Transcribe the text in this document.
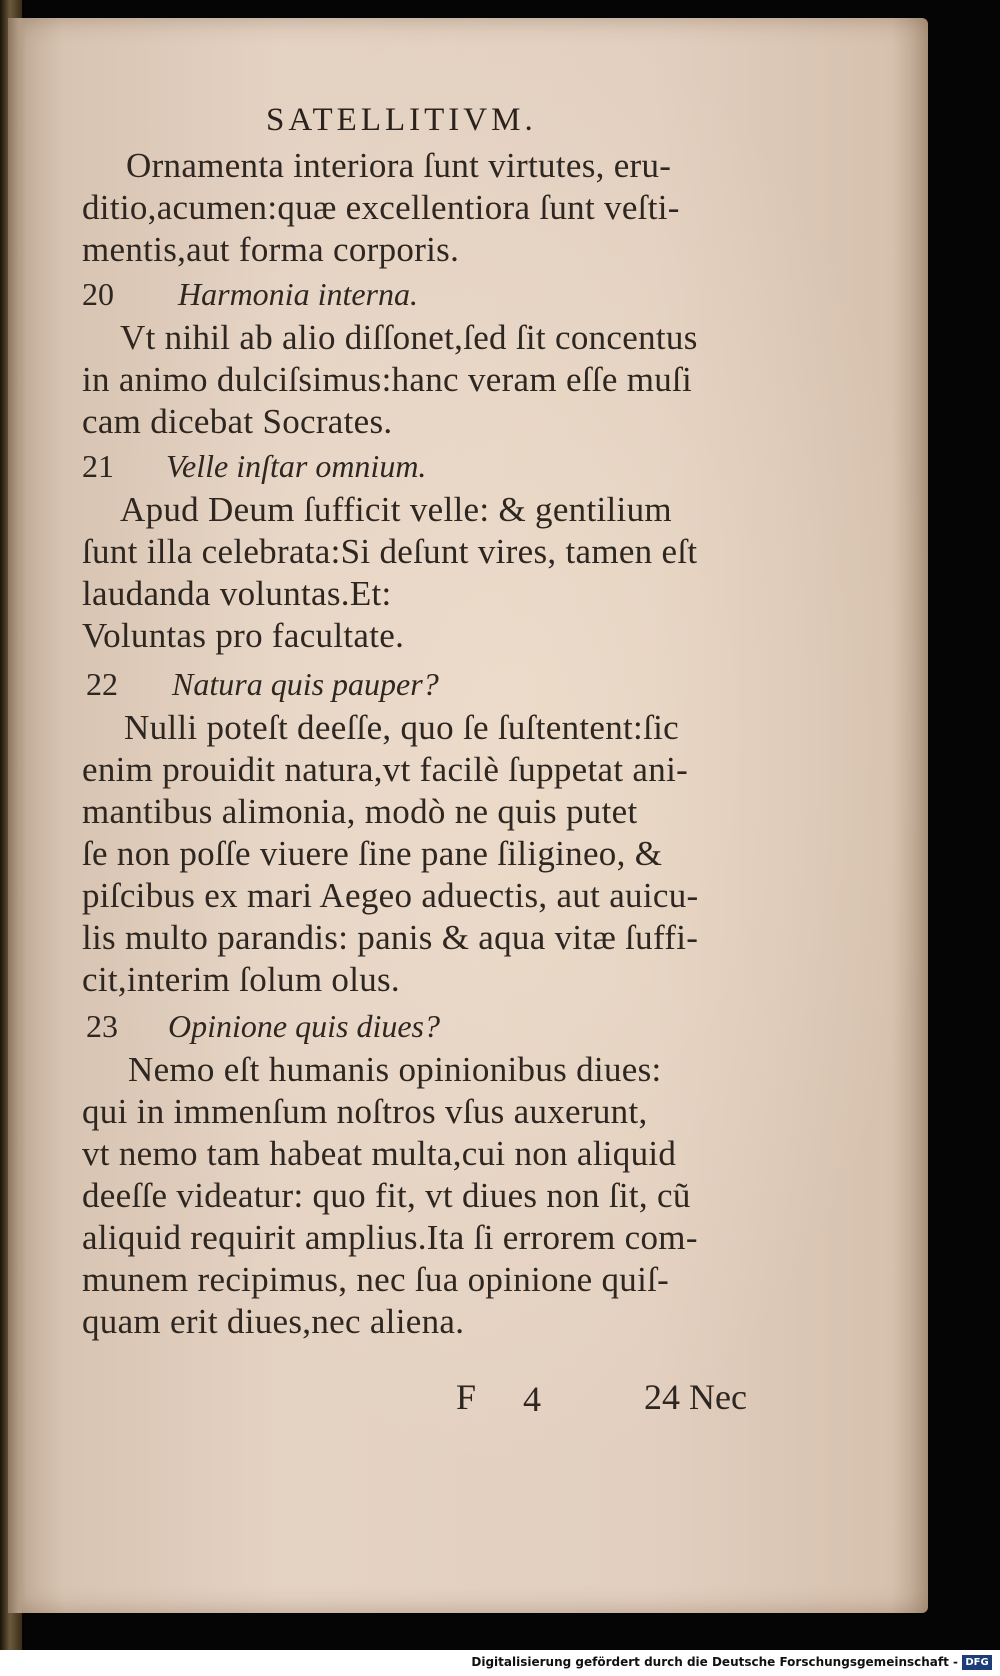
SATELLITIVM.
Ornamenta interiora ſunt virtutes, eru-
ditio,acumen:quæ excellentiora ſunt veſti-
mentis,aut forma corporis.
20 Harmonia interna.
Vt nihil ab alio diſſonet,ſed ſit concentus
in animo dulciſsimus:hanc veram eſſe muſi
cam dicebat Socrates.
21 Velle inſtar omnium.
Apud Deum ſufficit velle: & gentilium
ſunt illa celebrata:Si deſunt vires, tamen eſt
laudanda voluntas.Et:
Voluntas pro facultate.
22 Natura quis pauper?
Nulli poteſt deeſſe, quo ſe ſuſtentent:ſic
enim prouidit natura,vt facilè ſuppetat ani-
mantibus alimonia, modò ne quis putet
ſe non poſſe viuere ſine pane ſiligineo, &
piſcibus ex mari Aegeo aduectis, aut auicu-
lis multo parandis: panis & aqua vitæ ſuffi-
cit,interim ſolum olus.
23 Opinione quis diues?
Nemo eſt humanis opinionibus diues:
qui in immenſum noſtros vſus auxerunt,
vt nemo tam habeat multa,cui non aliquid
deeſſe videatur: quo fit, vt diues non ſit, cũ
aliquid requirit amplius.Ita ſi errorem com-
munem recipimus, nec ſua opinione quiſ-
quam erit diues,nec aliena.
F 4	24 Nec
Digitalisierung gefördert durch die Deutsche Forschungsgemeinschaft - DFG
